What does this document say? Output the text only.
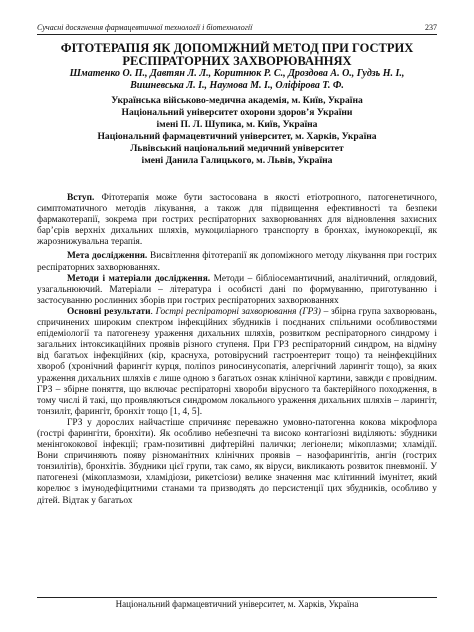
Сучасні досягнення фармацевтичної технології і біотехнології	237
ФІТОТЕРАПІЯ ЯК ДОПОМІЖНИЙ МЕТОД ПРИ ГОСТРИХ
РЕСПІРАТОРНИХ ЗАХВОРЮВАННЯХ
Шматенко О. П., Давтян Л. Л., Коритнюк Р. С., Дроздова А. О., Гудзь Н. І.,
Вишневська Л. І., Наумова М. І., Оліфірова Т. Ф.
Українська військово-медична академія, м. Київ, Україна
Національний університет охорони здоров’я України
імені П. Л. Шупика, м. Київ, Україна
Національний фармацевтичний університет, м. Харків, Україна
Львівський національний медичний університет
імені Данила Галицького, м. Львів, Україна

Вступ. Фітотерапія може бути застосована в якості етіотропного, патогенетичного, симптоматичного методів лікування, а також для підвищення ефективності та безпеки фармакотерапії, зокрема при гострих респіраторних захворюваннях для відновлення захисних бар’єрів верхніх дихальних шляхів, мукоциліарного транспорту в бронхах, імунокорекції, як жарознижувальна терапія.

Мета дослідження. Висвітлення фітотерапії як допоміжного методу лікування при гострих респіраторних захворюваннях.

Методи і матеріали дослідження. Методи – бібліосемантичний, аналітичний, оглядовий, узагальнюючий. Матеріали – література і особисті дані по формуванню, приготуванню і застосуванню рослинних зборів при гострих респіраторних захворюваннях

Основні результати. Гострі респіраторні захворювання (ГРЗ) – збірна група захворювань, спричинених широким спектром інфекційних збудників і поєднаних спільними особливостями епідеміології та патогенезу ураження дихальних шляхів, розвитком респіраторного синдрому і загальних інтоксикаційних проявів різного ступеня. При ГРЗ респіраторний синдром, на відміну від багатьох інфекційних (кір, краснуха, ротовірусний гастроентерит тощо) та неінфекційних хвороб (хронічний фарингіт курця, поліпоз риносинусопатія, алергічний ларингіт тощо), за яких ураження дихальних шляхів є лише одною з багатьох ознак клінічної картини, завжди є провідним. ГРЗ – збірне поняття, що включає респіраторні хвороби вірусного та бактерійного походження, в тому числі й такі, що проявляються синдромом локального ураження дихальних шляхів – ларингіт, тонзиліт, фарингіт, бронхіт тощо [1, 4, 5].

ГРЗ у дорослих найчастіше спричиняє переважно умовно-патогенна кокова мікрофлора (гострі фарингіти, бронхіти). Як особливо небезпечні та високо контагіозні виділяють: збудники менінгококової інфекції; грам-позитивні дифтерійні палички; легіонели; мікоплазми; хламідії. Вони спричиняють появу різноманітних клінічних проявів – назофарингітів, ангін (гострих тонзилітів), бронхітів. Збудники цієї групи, так само, як віруси, викликають розвиток пневмонії. У патогенезі (мікоплазмози, хламідіози, рикетсіози) велике значення має клітинний імунітет, який корелює з імунодефіцитними станами та призводять до персистенції цих збудників, особливо у дітей. Відтак у багатьох

Національний фармацевтичний університет, м. Харків, Україна
